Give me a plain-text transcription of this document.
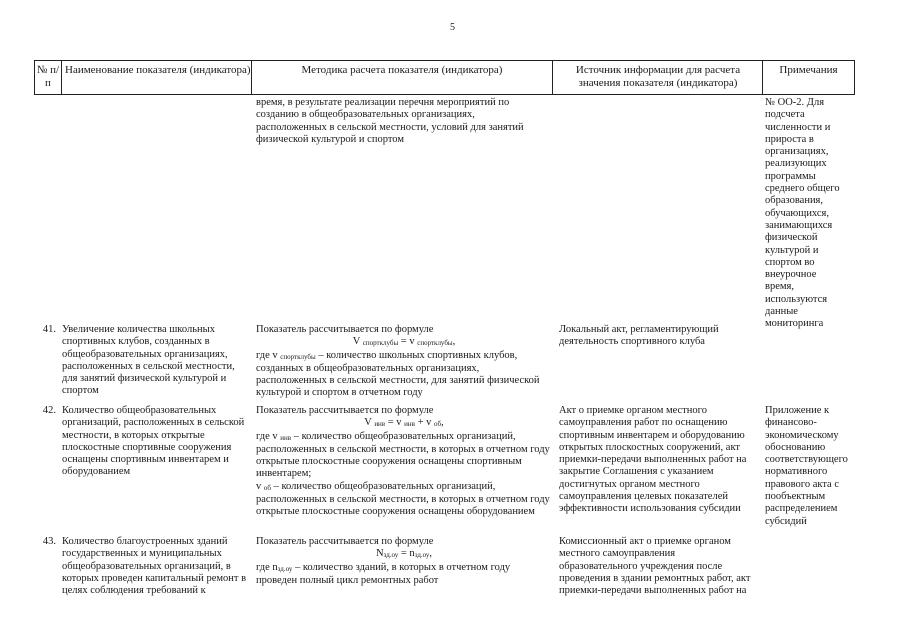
5
№ п/п
Наименование показателя (индикатора)	Методика расчета показателя (индикатора)	Источник информации для расчета значения показателя (индикатора)
Примечания
время, в результате реализации перечня мероприятий по созданию в общеобразовательных организациях, расположенных в сельской местности, условий для занятий физической культурой и спортом
№ ОО-2. Для подсчета численности и прироста в организациях, реализующих программы среднего общего образования, обучающихся, занимающихся физической культурой и спортом во внеурочное время, используются данные мониторинга
41. Увеличение количества школьных спортивных клубов, созданных в общеобразовательных организациях, расположенных в сельской местности, для занятий физической культурой и спортом
Показатель рассчитывается по формуле
V $_{спортклубы}$ = v $_{спортклубы}$,
где v $_{спортклубы}$ – количество школьных спортивных клубов, созданных в общеобразовательных организациях, расположенных в сельской местности, для занятий физической культурой и спортом в отчетном году
Локальный акт, регламентирующий деятельность спортивного клуба
42. Количество общеобразовательных организаций, расположенных в сельской местности, в которых открытые плоскостные спортивные сооружения оснащены спортивным инвентарем и оборудованием
Показатель рассчитывается по формуле
V $_{инв}$ = v $_{инв}$ + v $_{об}$,
где v $_{инв}$ – количество общеобразовательных организаций, расположенных в сельской местности, в которых в отчетном году открытые плоскостные сооружения оснащены спортивным инвентарем;
v $_{об}$ – количество общеобразовательных организаций, расположенных в сельской местности, в которых в отчетном году открытые плоскостные сооружения оснащены оборудованием
Акт о приемке органом местного самоуправления работ по оснащению спортивным инвентарем и оборудованию открытых плоскостных сооружений, акт приемки-передачи выполненных работ на закрытие Соглашения с указанием достигнутых органом местного самоуправления целевых показателей эффективности использования субсидии
Приложение к финансово-экономическому обоснованию соответствующего нормативного правового акта с пообъектным распределением субсидий
43. Количество благоустроенных зданий государственных и муниципальных общеобразовательных организаций, в которых проведен капитальный ремонт в целях соблюдения требований к
Показатель рассчитывается по формуле
$N_{зд.оу} = n_{зд.оу}$,
где $n_{зд.оу}$ – количество зданий, в которых в отчетном году проведен полный цикл ремонтных работ
Комиссионный акт о приемке органом местного самоуправления образовательного учреждения после проведения в здании ремонтных работ, акт приемки-передачи выполненных работ на
